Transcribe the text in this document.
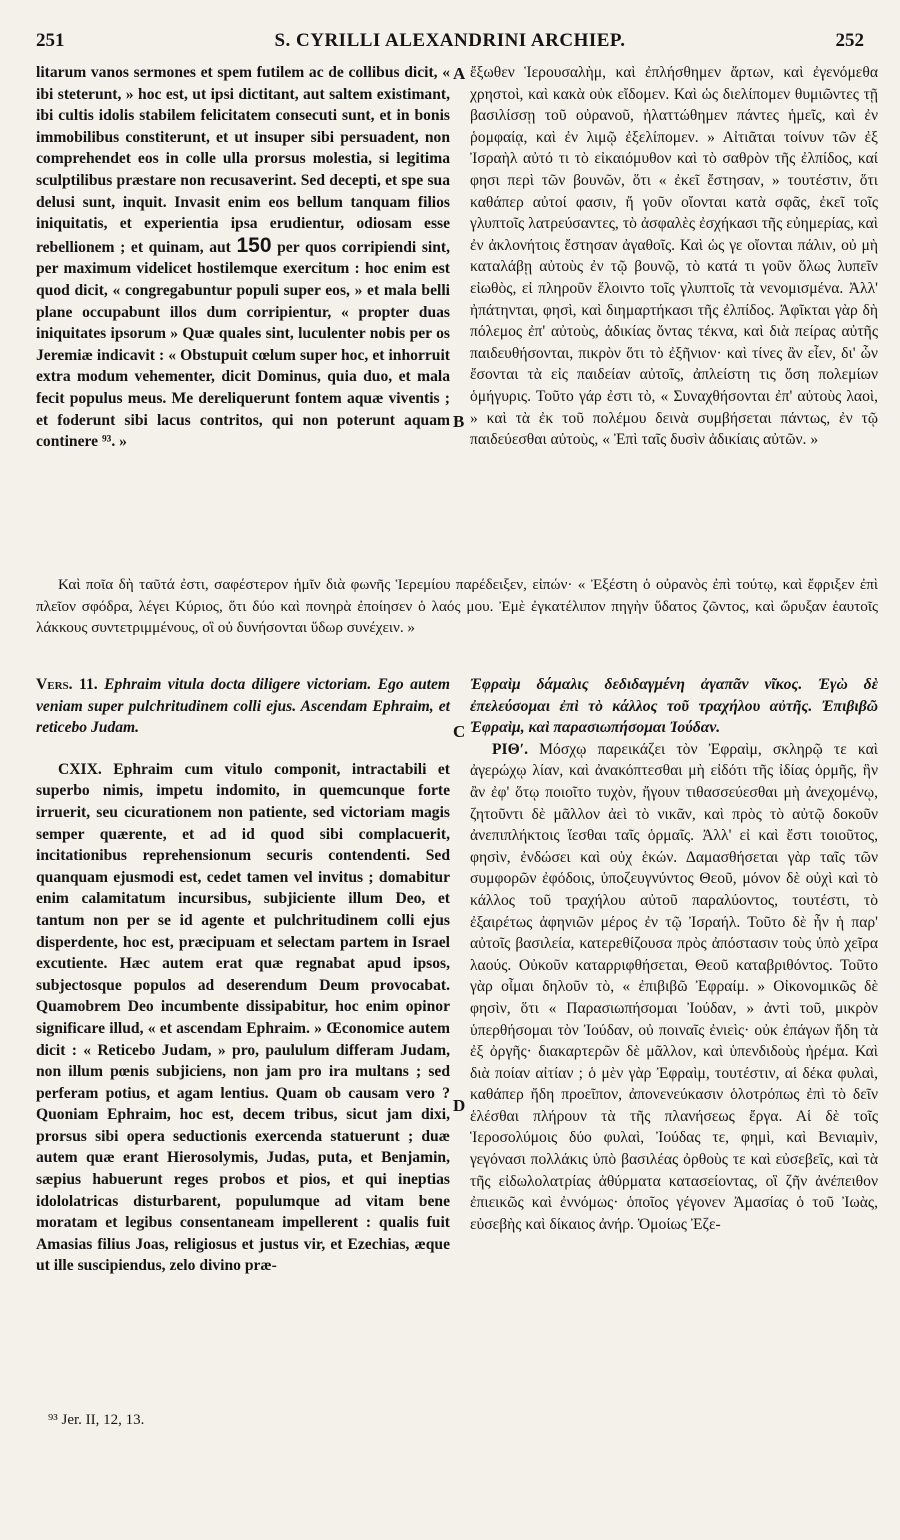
251	S. CYRILLI ALEXANDRINI ARCHIEP.	252
A
B
C
D

litarum vanos sermones et spem futilem ac de collibus dicit, « ibi steterunt, » hoc est, ut ipsi dictitant, aut saltem existimant, ibi cultis idolis stabilem felicitatem consecuti sunt, et in bonis immobilibus constiterunt, et ut insuper sibi persuadent, non comprehendet eos in colle ulla prorsus molestia, si legitima sculptilibus præstare non recusaverint. Sed decepti, et spe sua delusi sunt, inquit. Invasit enim eos bellum tanquam filios iniquitatis, et experientia ipsa erudientur, odiosam esse rebellionem ; et quinam, aut 150 per quos corripiendi sint, per maximum videlicet hostilemque exercitum : hoc enim est quod dicit, « congregabuntur populi super eos, » et mala belli plane occupabunt illos dum corripientur, « propter duas iniquitates ipsorum » Quæ quales sint, luculenter nobis per os Jeremiæ indicavit : « Obstupuit cœlum super hoc, et inhorruit extra modum vehementer, dicit Dominus, quia duo, et mala fecit populus meus. Me dereliquerunt fontem aquæ viventis ; et foderunt sibi lacus contritos, qui non poterunt aquam continere ⁹³. »

ἔξωθεν Ἱερουσαλὴμ, καὶ ἐπλήσθημεν ἄρτων, καὶ ἐγενόμεθα χρηστοὶ, καὶ κακὰ οὐκ εἴδομεν. Καὶ ὡς διελίπομεν θυμιῶντες τῇ βασιλίσσῃ τοῦ οὐρανοῦ, ἠλαττώθημεν πάντες ἡμεῖς, καὶ ἐν ῥομφαίᾳ, καὶ ἐν λιμῷ ἐξελίπομεν. » Αἰτιᾶται τοίνυν τῶν ἐξ Ἰσραὴλ αὐτό τι τὸ εἰκαιόμυθον καὶ τὸ σαθρὸν τῆς ἐλπίδος, καί φησι περὶ τῶν βουνῶν, ὅτι « ἐκεῖ ἔστησαν, » τουτέστιν, ὅτι καθάπερ αὐτοί φασιν, ἤ γοῦν οἴονται κατὰ σφᾶς, ἐκεῖ τοῖς γλυπτοῖς λατρεύσαντες, τὸ ἀσφαλὲς ἐσχήκασι τῆς εὐημερίας, καὶ ἐν ἀκλονήτοις ἔστησαν ἀγαθοῖς. Καὶ ὡς γε οἴονται πάλιν, οὐ μὴ καταλάβῃ αὐτοὺς ἐν τῷ βουνῷ, τὸ κατά τι γοῦν ὅλως λυπεῖν εἰωθὸς, εἰ πληροῦν ἕλοιντο τοῖς γλυπτοῖς τὰ νενομισμένα. Ἀλλ' ἠπάτηνται, φησὶ, καὶ διημαρτήκασι τῆς ἐλπίδος. Ἀφῖκται γὰρ δὴ πόλεμος ἐπ' αὐτοὺς, ἀδικίας ὄντας τέκνα, καὶ διὰ πείρας αὐτῆς παιδευθήσονται, πικρὸν ὅτι τὸ ἐξῆνιον· καὶ τίνες ἂν εἶεν, δι' ὧν ἔσονται τὰ εἰς παιδείαν αὐτοῖς, ἀπλείστη τις ὅση πολεμίων ὁμήγυρις. Τοῦτο γάρ ἐστι τὸ, « Συναχθήσονται ἐπ' αὐτοὺς λαοὶ, » καὶ τὰ ἐκ τοῦ πολέμου δεινὰ συμβήσεται πάντως, ἐν τῷ παιδεύεσθαι αὐτοὺς, « Ἐπὶ ταῖς δυσὶν ἀδικίαις αὐτῶν. »

Καὶ ποῖα δὴ ταῦτά ἐστι, σαφέστερον ἡμῖν διὰ φωνῆς Ἱερεμίου παρέδειξεν, εἰπών· « Ἐξέστη ὁ οὐρανὸς ἐπὶ τούτῳ, καὶ ἔφριξεν ἐπὶ πλεῖον σφόδρα, λέγει Κύριος, ὅτι δύο καὶ πονηρὰ ἐποίησεν ὁ λαός μου. Ἐμὲ ἐγκατέλιπον πηγὴν ὕδατος ζῶντος, καὶ ὤρυξαν ἑαυτοῖς λάκκους συντετριμμένους, οἳ οὐ δυνήσονται ὕδωρ συνέχειν. »

Vers. 11. Ephraim vitula docta diligere victoriam. Ego autem veniam super pulchritudinem colli ejus. Ascendam Ephraim, et reticebo Judam.

CXIX. Ephraim cum vitulo componit, intractabili et superbo nimis, impetu indomito, in quemcunque forte irruerit, seu cicurationem non patiente, sed victoriam magis semper quærente, et ad id quod sibi complacuerit, incitationibus reprehensionum securis contendenti. Sed quanquam ejusmodi est, cedet tamen vel invitus ; domabitur enim calamitatum incursibus, subjiciente illum Deo, et tantum non per se id agente et pulchritudinem colli ejus disperdente, hoc est, præcipuam et selectam partem in Israel excutiente. Hæc autem erat quæ regnabat apud ipsos, subjectosque populos ad deserendum Deum provocabat. Quamobrem Deo incumbente dissipabitur, hoc enim opinor significare illud, « et ascendam Ephraim. » Œconomice autem dicit : « Reticebo Judam, » pro, paululum differam Judam, non illum pœnis subjiciens, non jam pro ira multans ; sed perferam potius, et agam lentius. Quam ob causam vero ? Quoniam Ephraim, hoc est, decem tribus, sicut jam dixi, prorsus sibi opera seductionis exercenda statuerunt ; duæ autem quæ erant Hierosolymis, Judas, puta, et Benjamin, sæpius habuerunt reges probos et pios, et qui ineptias idololatricas disturbarent, populumque ad vitam bene moratam et legibus consentaneam impellerent : qualis fuit Amasias filius Joas, religiosus et justus vir, et Ezechias, æque ut ille suscipiendus, zelo divino præ-

Ἐφραὶμ δάμαλις δεδιδαγμένη ἀγαπᾶν νῖκος. Ἐγὼ δὲ ἐπελεύσομαι ἐπὶ τὸ κάλλος τοῦ τραχήλου αὐτῆς. Ἐπιβιβῶ Ἐφραὶμ, καὶ παρασιωπήσομαι Ἰούδαν.

ΡΙΘʹ. Μόσχῳ παρεικάζει τὸν Ἐφραὶμ, σκληρῷ τε καὶ ἀγερώχῳ λίαν, καὶ ἀνακόπτεσθαι μὴ εἰδότι τῆς ἰδίας ὁρμῆς, ἣν ἂν ἐφ' ὅτῳ ποιοῖτο τυχὸν, ἤγουν τιθασσεύεσθαι μὴ ἀνεχομένῳ, ζητοῦντι δὲ μᾶλλον ἀεὶ τὸ νικᾶν, καὶ πρὸς τὸ αὐτῷ δοκοῦν ἀνεπιπλήκτοις ἵεσθαι ταῖς ὁρμαῖς. Ἀλλ' εἰ καὶ ἔστι τοιοῦτος, φησὶν, ἐνδώσει καὶ οὐχ ἑκών. Δαμασθήσεται γὰρ ταῖς τῶν συμφορῶν ἐφόδοις, ὑποζευγνύντος Θεοῦ, μόνον δὲ οὐχὶ καὶ τὸ κάλλος τοῦ τραχήλου αὐτοῦ παραλύοντος, τουτέστι, τὸ ἐξαιρέτως ἀφηνιῶν μέρος ἐν τῷ Ἰσραήλ. Τοῦτο δὲ ἦν ἡ παρ' αὐτοῖς βασιλεία, κατερεθίζουσα πρὸς ἀπόστασιν τοὺς ὑπὸ χεῖρα λαούς. Οὐκοῦν καταρριφθήσεται, Θεοῦ καταβριθόντος. Τοῦτο γὰρ οἶμαι δηλοῦν τὸ, « ἐπιβιβῶ Ἐφραίμ. » Οἰκονομικῶς δὲ φησὶν, ὅτι « Παρασιωπήσομαι Ἰούδαν, » ἀντὶ τοῦ, μικρὸν ὑπερθήσομαι τὸν Ἰούδαν, οὐ ποιναῖς ἐνιεὶς· οὐκ ἐπάγων ἤδη τὰ ἐξ ὀργῆς· διακαρτερῶν δὲ μᾶλλον, καὶ ὑπενδιδοὺς ἠρέμα. Καὶ διὰ ποίαν αἰτίαν ; ὁ μὲν γὰρ Ἐφραὶμ, τουτέστιν, αἱ δέκα φυλαὶ, καθάπερ ἤδη προεῖπον, ἀπονενεύκασιν ὁλοτρόπως ἐπὶ τὸ δεῖν ἑλέσθαι πλήρουν τὰ τῆς πλανήσεως ἔργα. Αἱ δὲ τοῖς Ἱεροσολύμοις δύο φυλαὶ, Ἰούδας τε, φημὶ, καὶ Βενιαμὶν, γεγόνασι πολλάκις ὑπὸ βασιλέας ὀρθοὺς τε καὶ εὐσεβεῖς, καὶ τὰ τῆς εἰδωλολατρίας ἀθύρματα κατασείοντας, οἳ ζῆν ἀνέπειθον ἐπιεικῶς καὶ ἐννόμως· ὁποῖος γέγονεν Ἀμασίας ὁ τοῦ Ἰωὰς, εὐσεβὴς καὶ δίκαιος ἀνήρ. Ὁμοίως Ἐζε-

⁹³ Jer. II, 12, 13.
